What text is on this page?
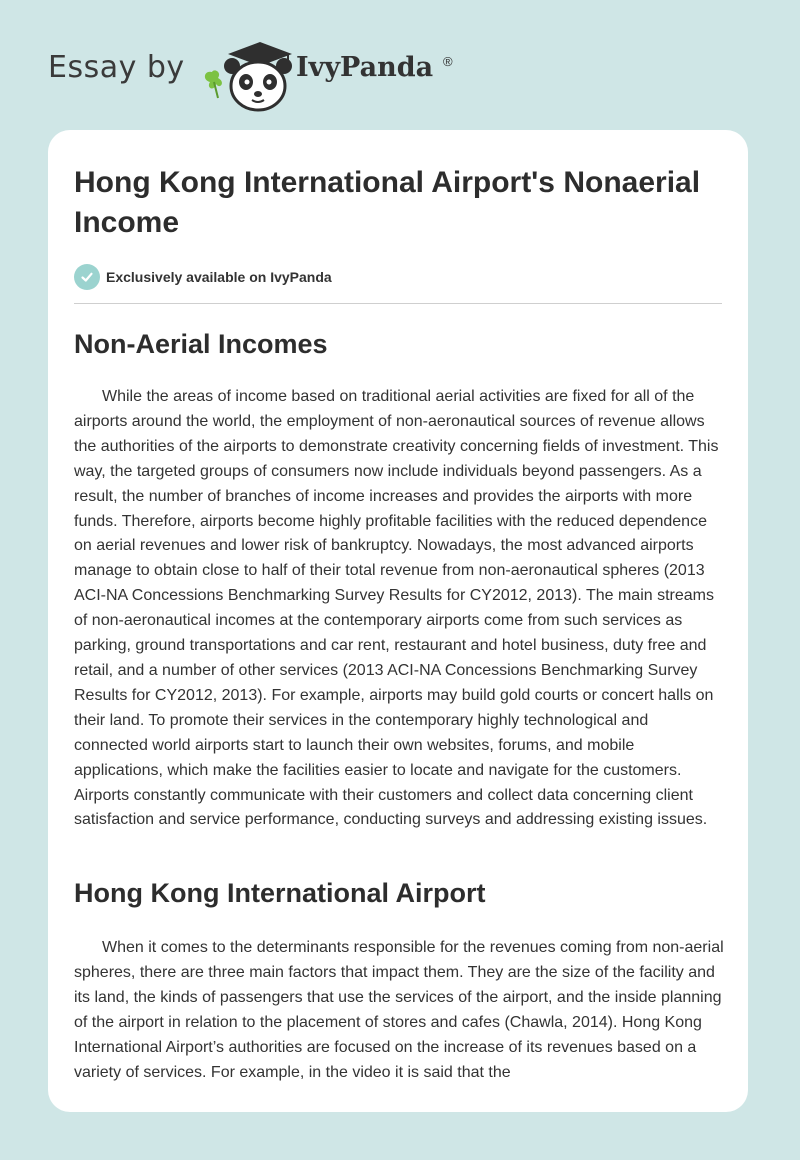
Essay by	IvyPanda ®
Hong Kong International Airport's Nonaerial Income
Exclusively available on IvyPanda
Non-Aerial Incomes

While the areas of income based on traditional aerial activities are fixed for all of the airports around the world, the employment of non-aeronautical sources of revenue allows the authorities of the airports to demonstrate creativity concerning fields of investment. This way, the targeted groups of consumers now include individuals beyond passengers. As a result, the number of branches of income increases and provides the airports with more funds. Therefore, airports become highly profitable facilities with the reduced dependence on aerial revenues and lower risk of bankruptcy. Nowadays, the most advanced airports manage to obtain close to half of their total revenue from non-aeronautical spheres (2013 ACI-NA Concessions Benchmarking Survey Results for CY2012, 2013). The main streams of non-aeronautical incomes at the contemporary airports come from such services as parking, ground transportations and car rent, restaurant and hotel business, duty free and retail, and a number of other services (2013 ACI-NA Concessions Benchmarking Survey Results for CY2012, 2013). For example, airports may build gold courts or concert halls on their land. To promote their services in the contemporary highly technological and connected world airports start to launch their own websites, forums, and mobile applications, which make the facilities easier to locate and navigate for the customers. Airports constantly communicate with their customers and collect data concerning client satisfaction and service performance, conducting surveys and addressing existing issues.

Hong Kong International Airport

When it comes to the determinants responsible for the revenues coming from non-aerial spheres, there are three main factors that impact them. They are the size of the facility and its land, the kinds of passengers that use the services of the airport, and the inside planning of the airport in relation to the placement of stores and cafes (Chawla, 2014). Hong Kong International Airport’s authorities are focused on the increase of its revenues based on a variety of services. For example, in the video it is said that the
